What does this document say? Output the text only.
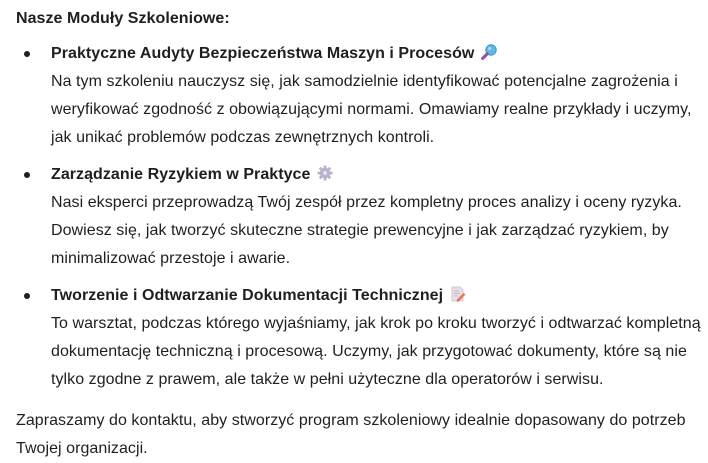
Nasze Moduły Szkoleniowe:
Praktyczne Audyty Bezpieczeństwa Maszyn i Procesów
Na tym szkoleniu nauczysz się, jak samodzielnie identyfikować potencjalne zagrożenia i
weryfikować zgodność z obowiązującymi normami. Omawiamy realne przykłady i uczymy,
jak unikać problemów podczas zewnętrznych kontroli.
Zarządzanie Ryzykiem w Praktyce
Nasi eksperci przeprowadzą Twój zespół przez kompletny proces analizy i oceny ryzyka.
Dowiesz się, jak tworzyć skuteczne strategie prewencyjne i jak zarządzać ryzykiem, by
minimalizować przestoje i awarie.
Tworzenie i Odtwarzanie Dokumentacji Technicznej
To warsztat, podczas którego wyjaśniamy, jak krok po kroku tworzyć i odtwarzać kompletną
dokumentację techniczną i procesową. Uczymy, jak przygotować dokumenty, które są nie
tylko zgodne z prawem, ale także w pełni użyteczne dla operatorów i serwisu.
Zapraszamy do kontaktu, aby stworzyć program szkoleniowy idealnie dopasowany do potrzeb
Twojej organizacji.
